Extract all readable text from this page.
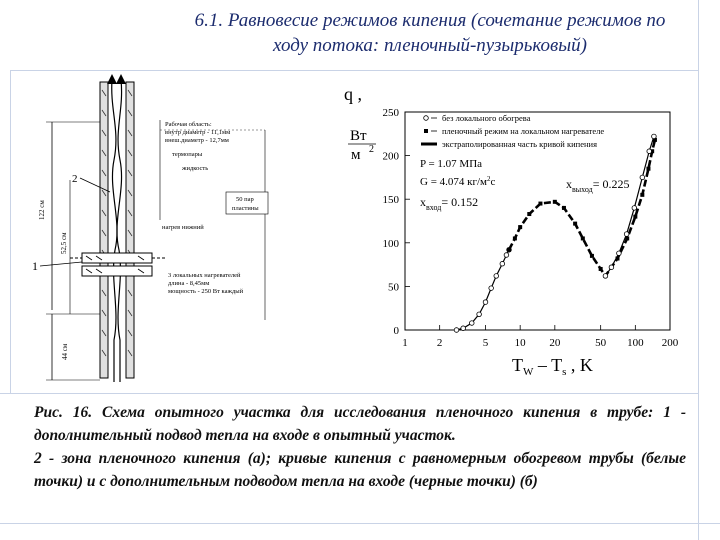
6.1. Равновесие режимов кипения (сочетание режимов по
ходу потока: пленочный-пузырьковый)
122 см
52,5 см
44 см
1
2
Рабочая область:
внутр диаметр - 11,1мм
внеш.диаметр - 12,7мм
термопары
жидкость
50 пар
пластины
нагрев нижний
3 локальных нагревателей
длина - 8,45мм
мощность - 250 Вт каждый
q ,
Вт
м 2
0
50
100
150
200
250
1	2	5 10 20	50 100 200
без локального обогрева
пленочный режим на локальном нагревателе
экстраполированная часть кривой кипения
P = 1.07 МПа
G = 4.074 $кг/м^2с$
$x_{вход}= 0.152$
$x_{выход}= 0.225$
$T_W - T_s$ , K

Рис. 16. Схема опытного участка для исследования пленочного кипения в трубе: 1 - дополнительный подвод тепла на входе в опытный участок.

2 - зона пленочного кипения (а); кривые кипения с равномерным обогревом трубы (белые точки) и с дополнительным подводом тепла на входе (черные точки) (б)
